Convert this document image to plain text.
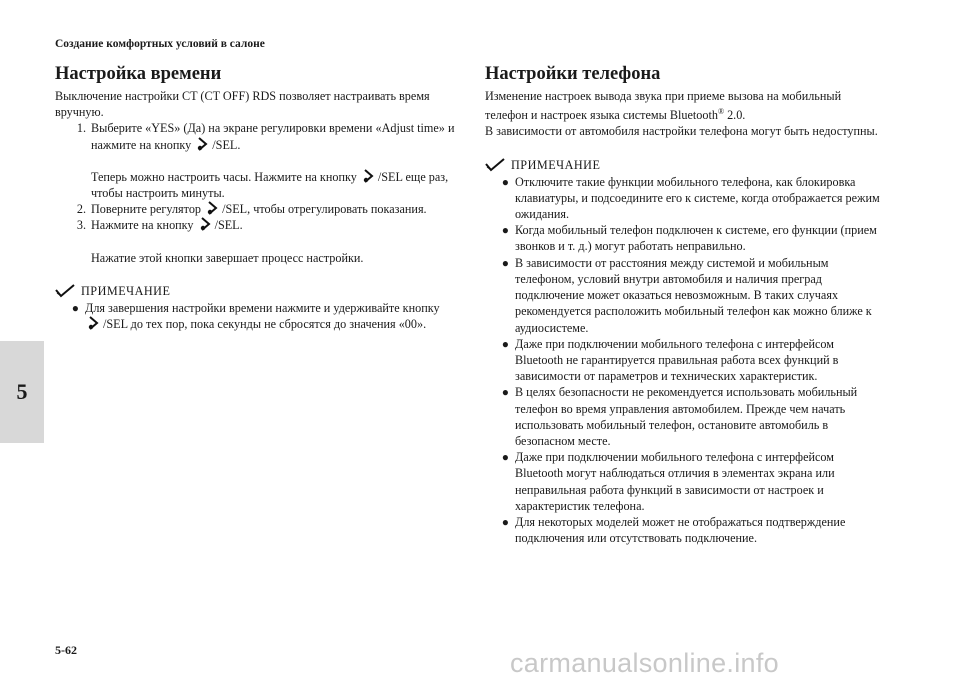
Создание комфортных условий в салоне
5
Настройка времени

Выключение настройки CT (CT OFF) RDS позволяет настраивать время вручную.

1. Выберите «YES» (Да) на экране регулировки времени «Adjust time» и нажмите на кнопку /SEL.

Теперь можно настроить часы. Нажмите на кнопку /SEL еще раз, чтобы настроить минуты.

2. Поверните регулятор /SEL, чтобы отрегулировать показания.
3. Нажмите на кнопку /SEL.

Нажатие этой кнопки завершает процесс настройки.

ПРИМЕЧАНИЕ
● Для завершения настройки времени нажмите и удерживайте кнопку /SEL до тех пор, пока секунды не сбросятся до значения «00».
Настройки телефона

Изменение настроек вывода звука при приеме вызова на мобильный телефон и настроек языка системы Bluetooth® 2.0.

В зависимости от автомобиля настройки телефона могут быть недоступны.

ПРИМЕЧАНИЕ
● Отключите такие функции мобильного телефона, как блокировка клавиатуры, и подсоедините его к системе, когда отображается режим ожидания.
● Когда мобильный телефон подключен к системе, его функции (прием звонков и т. д.) могут работать неправильно.
● В зависимости от расстояния между системой и мобильным телефоном, условий внутри автомобиля и наличия преград подключение может оказаться невозможным. В таких случаях рекомендуется расположить мобильный телефон как можно ближе к аудиосистеме.
● Даже при подключении мобильного телефона с интерфейсом Bluetooth не гарантируется правильная работа всех функций в зависимости от параметров и технических характеристик.
● В целях безопасности не рекомендуется использовать мобильный телефон во время управления автомобилем. Прежде чем начать использовать мобильный телефон, остановите автомобиль в безопасном месте.
● Даже при подключении мобильного телефона с интерфейсом Bluetooth могут наблюдаться отличия в элементах экрана или неправильная работа функций в зависимости от настроек и характеристик телефона.
● Для некоторых моделей может не отображаться подтверждение подключения или отсутствовать подключение.
5-62	carmanualsonline.info
